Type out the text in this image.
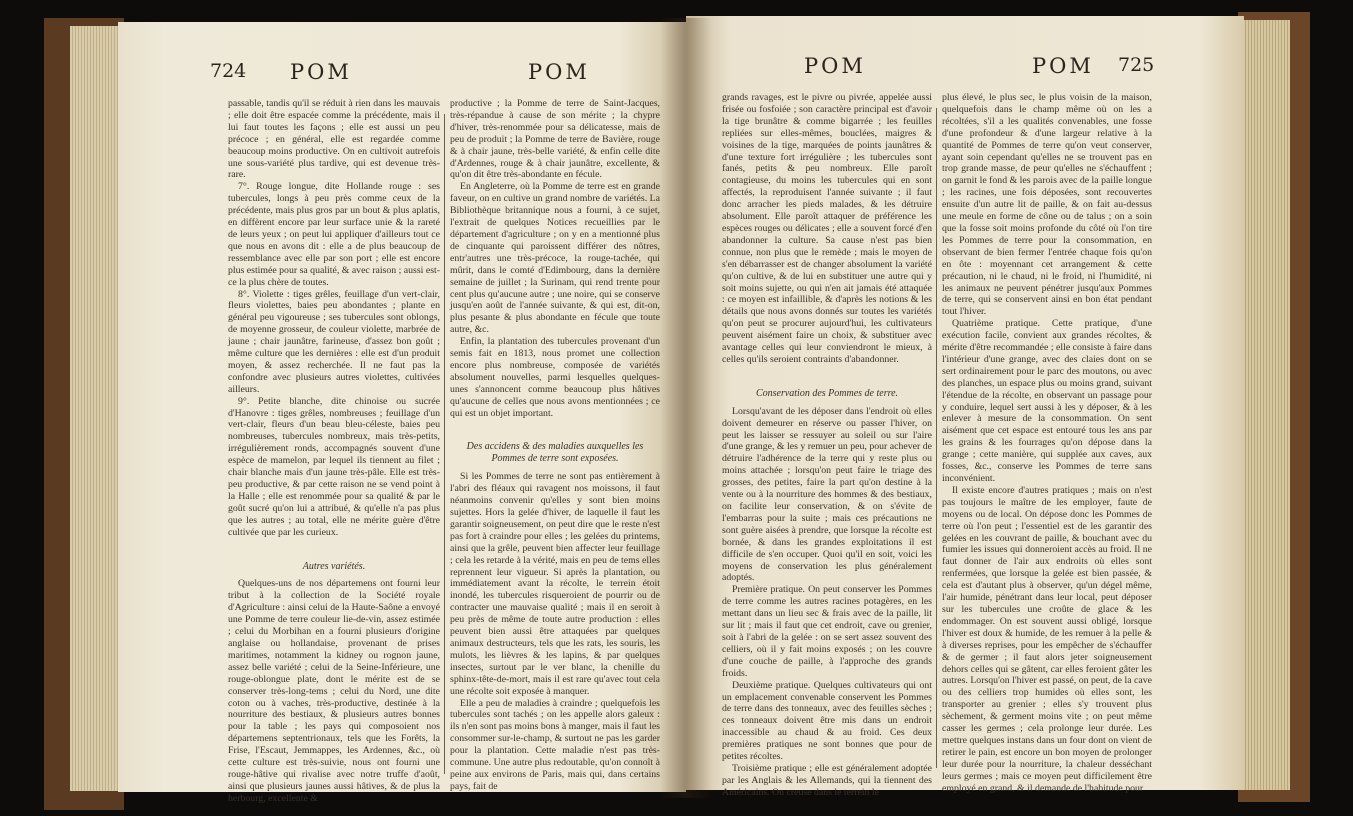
724 POM	POM

passable, tandis qu'il se réduit à rien dans les mauvais ; elle doit être espacée comme la précédente, mais il lui faut toutes les façons ; elle est aussi un peu précoce ; en général, elle est regardée comme beaucoup moins productive. On en cultivoit autrefois une sous-variété plus tardive, qui est devenue très-rare.

7°. Rouge longue, dite Hollande rouge : ses tubercules, longs à peu près comme ceux de la précédente, mais plus gros par un bout & plus aplatis, en diffèrent encore par leur surface unie & la rareté de leurs yeux ; on peut lui appliquer d'ailleurs tout ce que nous en avons dit : elle a de plus beaucoup de ressemblance avec elle par son port ; elle est encore plus estimée pour sa qualité, & avec raison ; aussi est-ce la plus chère de toutes.

8°. Violette : tiges grêles, feuillage d'un vert-clair, fleurs violettes, baies peu abondantes ; plante en général peu vigoureuse ; ses tubercules sont oblongs, de moyenne grosseur, de couleur violette, marbrée de jaune ; chair jaunâtre, farineuse, d'assez bon goût ; même culture que les dernières : elle est d'un produit moyen, & assez recherchée. Il ne faut pas la confondre avec plusieurs autres violettes, cultivées ailleurs.

9°. Petite blanche, dite chinoise ou sucrée d'Hanovre : tiges grêles, nombreuses ; feuillage d'un vert-clair, fleurs d'un beau bleu-céleste, baies peu nombreuses, tubercules nombreux, mais très-petits, irrégulièrement ronds, accompagnés souvent d'une espèce de mamelon, par lequel ils tiennent au filet ; chair blanche mais d'un jaune très-pâle. Elle est très-peu productive, & par cette raison ne se vend point à la Halle ; elle est renommée pour sa qualité & par le goût sucré qu'on lui a attribué, & qu'elle n'a pas plus que les autres ; au total, elle ne mérite guère d'être cultivée que par les curieux.

Autres variétés.

Quelques-uns de nos départemens ont fourni leur tribut à la collection de la Société royale d'Agriculture : ainsi celui de la Haute-Saône a envoyé une Pomme de terre couleur lie-de-vin, assez estimée ; celui du Morbihan en a fourni plusieurs d'origine anglaise ou hollandaise, provenant de prises maritimes, notamment la kidney ou rognon jaune, assez belle variété ; celui de la Seine-Inférieure, une rouge-oblongue plate, dont le mérite est de se conserver très-long-tems ; celui du Nord, une dite coton ou à vaches, très-productive, destinée à la nourriture des bestiaux, & plusieurs autres bonnes pour la table ; les pays qui composoient nos départemens septentrionaux, tels que les Forêts, la Frise, l'Escaut, Jemmappes, les Ardennes, &c., où cette culture est très-suivie, nous ont fourni une rouge-hâtive qui rivalise avec notre truffe d'août, ainsi que plusieurs jaunes aussi hâtives, & de plus la herbourg, excellente &

productive ; la Pomme de terre de Saint-Jacques, très-répandue à cause de son mérite ; la chypre d'hiver, très-renommée pour sa délicatesse, mais de peu de produit ; la Pomme de terre de Bavière, rouge & à chair jaune, très-belle variété, & enfin celle dite d'Ardennes, rouge & à chair jaunâtre, excellente, & qu'on dit être très-abondante en fécule.

En Angleterre, où la Pomme de terre est en grande faveur, on en cultive un grand nombre de variétés. La Bibliothèque britannique nous a fourni, à ce sujet, l'extrait de quelques Notices recueillies par le département d'agriculture ; on y en a mentionné plus de cinquante qui paroissent différer des nôtres, entr'autres une très-précoce, la rouge-tachée, qui mûrit, dans le comté d'Edimbourg, dans la dernière semaine de juillet ; la Surinam, qui rend trente pour cent plus qu'aucune autre ; une noire, qui se conserve jusqu'en août de l'année suivante, & qui est, dit-on, plus pesante & plus abondante en fécule que toute autre, &c.

Enfin, la plantation des tubercules provenant d'un semis fait en 1813, nous promet une collection encore plus nombreuse, composée de variétés absolument nouvelles, parmi lesquelles quelques-unes s'annoncent comme beaucoup plus hâtives qu'aucune de celles que nous avons mentionnées ; ce qui est un objet important.

Des accidens & des maladies auxquelles les Pommes de terre sont exposées.

Si les Pommes de terre ne sont pas entièrement à l'abri des fléaux qui ravagent nos moissons, il faut néanmoins convenir qu'elles y sont bien moins sujettes. Hors la gelée d'hiver, de laquelle il faut les garantir soigneusement, on peut dire que le reste n'est pas fort à craindre pour elles ; les gelées du printems, ainsi que la grêle, peuvent bien affecter leur feuillage ; cela les retarde à la vérité, mais en peu de tems elles reprennent leur vigueur. Si après la plantation, ou immédiatement avant la récolte, le terrein étoit inondé, les tubercules risqueroient de pourrir ou de contracter une mauvaise qualité ; mais il en seroit à peu près de même de toute autre production : elles peuvent bien aussi être attaquées par quelques animaux destructeurs, tels que les rats, les souris, les mulots, les lièvres & les lapins, & par quelques insectes, surtout par le ver blanc, la chenille du sphinx-tête-de-mort, mais il est rare qu'avec tout cela une récolte soit exposée à manquer.

Elle a peu de maladies à craindre ; quelquefois les tubercules sont tachés ; on les appelle alors galeux : ils n'en sont pas moins bons à manger, mais il faut les consommer sur-le-champ, & surtout ne pas les garder pour la plantation. Cette maladie n'est pas très-commune. Une autre plus redoutable, qu'on connoît à peine aux environs de Paris, mais qui, dans certains pays, fait de

POM	POM 725

grands ravages, est le pivre ou pivrée, appelée aussi frisée ou fosfoiée ; son caractère principal est d'avoir la tige brunâtre & comme bigarrée ; les feuilles repliées sur elles-mêmes, bouclées, maigres & voisines de la tige, marquées de points jaunâtres & d'une texture fort irrégulière ; les tubercules sont fanés, petits & peu nombreux. Elle paroît contagieuse, du moins les tubercules qui en sont affectés, la reproduisent l'année suivante ; il faut donc arracher les pieds malades, & les détruire absolument. Elle paroît attaquer de préférence les espèces rouges ou délicates ; elle a souvent forcé d'en abandonner la culture. Sa cause n'est pas bien connue, non plus que le remède ; mais le moyen de s'en débarrasser est de changer absolument la variété qu'on cultive, & de lui en substituer une autre qui y soit moins sujette, ou qui n'en ait jamais été attaquée : ce moyen est infaillible, & d'après les notions & les détails que nous avons donnés sur toutes les variétés qu'on peut se procurer aujourd'hui, les cultivateurs peuvent aisément faire un choix, & substituer avec avantage celles qui leur conviendront le mieux, à celles qu'ils seroient contraints d'abandonner.

Conservation des Pommes de terre.

Lorsqu'avant de les déposer dans l'endroit où elles doivent demeurer en réserve ou passer l'hiver, on peut les laisser se ressuyer au soleil ou sur l'aire d'une grange, & les y remuer un peu, pour achever de détruire l'adhérence de la terre qui y reste plus ou moins attachée ; lorsqu'on peut faire le triage des grosses, des petites, faire la part qu'on destine à la vente ou à la nourriture des hommes & des bestiaux, on facilite leur conservation, & on s'évite de l'embarras pour la suite ; mais ces précautions ne sont guère aisées à prendre, que lorsque la récolte est bornée, & dans les grandes exploitations il est difficile de s'en occuper. Quoi qu'il en soit, voici les moyens de conservation les plus généralement adoptés.

Première pratique. On peut conserver les Pommes de terre comme les autres racines potagères, en les mettant dans un lieu sec & frais avec de la paille, lit sur lit ; mais il faut que cet endroit, cave ou grenier, soit à l'abri de la gelée : on se sert assez souvent des celliers, où il y fait moins exposés ; on les couvre d'une couche de paille, à l'approche des grands froids.

Deuxième pratique. Quelques cultivateurs qui ont un emplacement convenable conservent les Pommes de terre dans des tonneaux, avec des feuilles sèches ; ces tonneaux doivent être mis dans un endroit inaccessible au chaud & au froid. Ces deux premières pratiques ne sont bonnes que pour de petites récoltes.

Troisième pratique ; elle est généralement adoptée par les Anglais & les Allemands, qui la tiennent des Américains. On creuse dans le terrein le

plus élevé, le plus sec, le plus voisin de la maison, quelquefois dans le champ même où on les a récoltées, s'il a les qualités convenables, une fosse d'une profondeur & d'une largeur relative à la quantité de Pommes de terre qu'on veut conserver, ayant soin cependant qu'elles ne se trouvent pas en trop grande masse, de peur qu'elles ne s'échauffent ; on garnit le fond & les parois avec de la paille longue ; les racines, une fois déposées, sont recouvertes ensuite d'un autre lit de paille, & on fait au-dessus une meule en forme de cône ou de talus ; on a soin que la fosse soit moins profonde du côté où l'on tire les Pommes de terre pour la consommation, en observant de bien fermer l'entrée chaque fois qu'on en ôte : moyennant cet arrangement & cette précaution, ni le chaud, ni le froid, ni l'humidité, ni les animaux ne peuvent pénétrer jusqu'aux Pommes de terre, qui se conservent ainsi en bon état pendant tout l'hiver.

Quatrième pratique. Cette pratique, d'une exécution facile, convient aux grandes récoltes, & mérite d'être recommandée ; elle consiste à faire dans l'intérieur d'une grange, avec des claies dont on se sert ordinairement pour le parc des moutons, ou avec des planches, un espace plus ou moins grand, suivant l'étendue de la récolte, en observant un passage pour y conduire, lequel sert aussi à les y déposer, & à les enlever à mesure de la consommation. On sent aisément que cet espace est entouré tous les ans par les grains & les fourrages qu'on dépose dans la grange ; cette manière, qui supplée aux caves, aux fosses, &c., conserve les Pommes de terre sans inconvénient.

Il existe encore d'autres pratiques ; mais on n'est pas toujours le maître de les employer, faute de moyens ou de local. On dépose donc les Pommes de terre où l'on peut ; l'essentiel est de les garantir des gelées en les couvrant de paille, & bouchant avec du fumier les issues qui donneroient accès au froid. Il ne faut donner de l'air aux endroits où elles sont renfermées, que lorsque la gelée est bien passée, & cela est d'autant plus à observer, qu'un dégel même, l'air humide, pénétrant dans leur local, peut déposer sur les tubercules une croûte de glace & les endommager. On est souvent aussi obligé, lorsque l'hiver est doux & humide, de les remuer à la pelle & à diverses reprises, pour les empêcher de s'échauffer & de germer ; il faut alors jeter soigneusement dehors celles qui se gâtent, car elles feroient gâter les autres. Lorsqu'on l'hiver est passé, on peut, de la cave ou des celliers trop humides où elles sont, les transporter au grenier ; elles s'y trouvent plus sèchement, & germent moins vite ; on peut même casser les germes ; cela prolonge leur durée. Les mettre quelques instans dans un four dont on vient de retirer le pain, est encore un bon moyen de prolonger leur durée pour la nourriture, la chaleur desséchant leurs germes ; mais ce moyen peut difficilement être employé en grand, & il demande de l'habitude pour
